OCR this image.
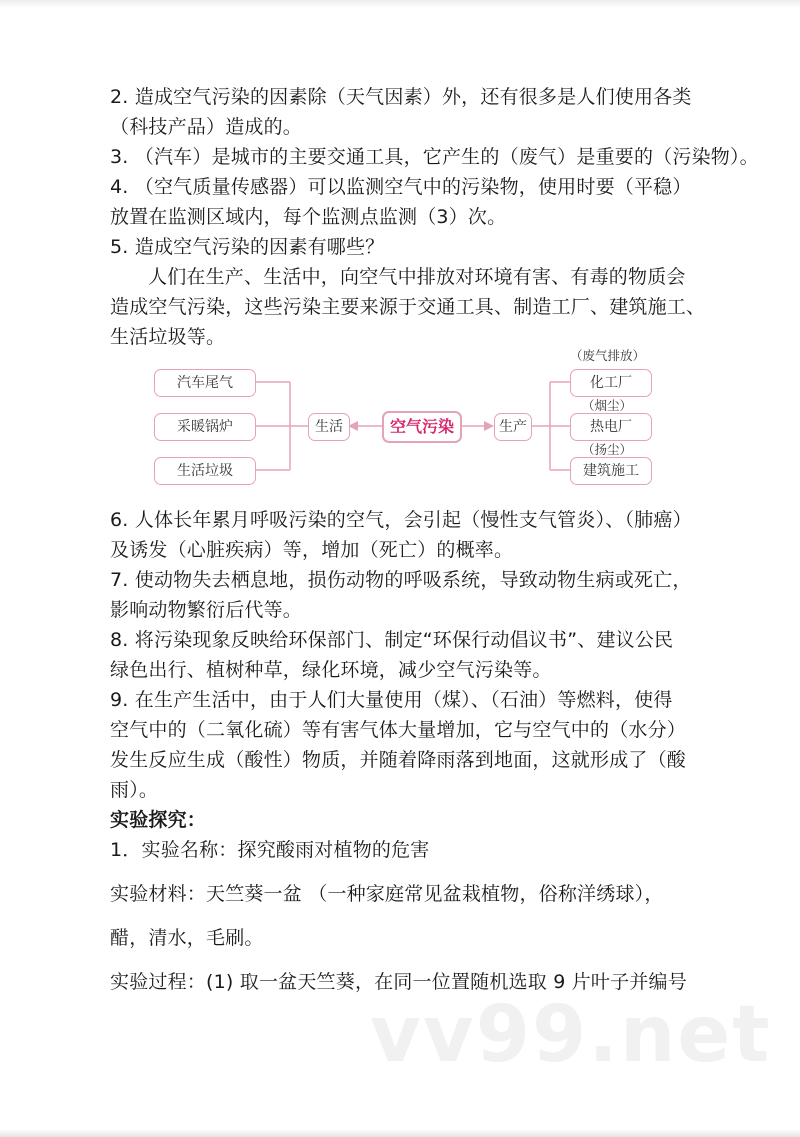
2. 造成空气污染的因素除（天气因素）外，还有很多是人们使用各类
（科技产品）造成的。
3. （汽车）是城市的主要交通工具，它产生的（废气）是重要的（污染物）。
4. （空气质量传感器）可以监测空气中的污染物，使用时要（平稳）
放置在监测区域内，每个监测点监测（3）次。
5. 造成空气污染的因素有哪些？
人们在生产、生活中，向空气中排放对环境有害、有毒的物质会
造成空气污染，这些污染主要来源于交通工具、制造工厂、建筑施工、
生活垃圾等。
汽车尾气
采暖锅炉
生活垃圾
生活	空气污染	生产
（废气排放）
化工厂
（烟尘）
热电厂
（扬尘）
建筑施工
6. 人体长年累月呼吸污染的空气，会引起（慢性支气管炎）、（肺癌）
及诱发（心脏疾病）等，增加（死亡）的概率。
7. 使动物失去栖息地，损伤动物的呼吸系统，导致动物生病或死亡，
影响动物繁衍后代等。
8. 将污染现象反映给环保部门、制定“环保行动倡议书”、建议公民
绿色出行、植树种草，绿化环境，减少空气污染等。
9. 在生产生活中，由于人们大量使用（煤）、（石油）等燃料，使得
空气中的（二氧化硫）等有害气体大量增加，它与空气中的（水分）
发生反应生成（酸性）物质，并随着降雨落到地面，这就形成了（酸
雨）。
实验探究：
1．实验名称：探究酸雨对植物的危害
实验材料：天竺葵一盆 （一种家庭常见盆栽植物，俗称洋绣球），
醋，清水，毛刷。
实验过程：(1) 取一盆天竺葵，在同一位置随机选取 9 片叶子并编号
vv99.net
